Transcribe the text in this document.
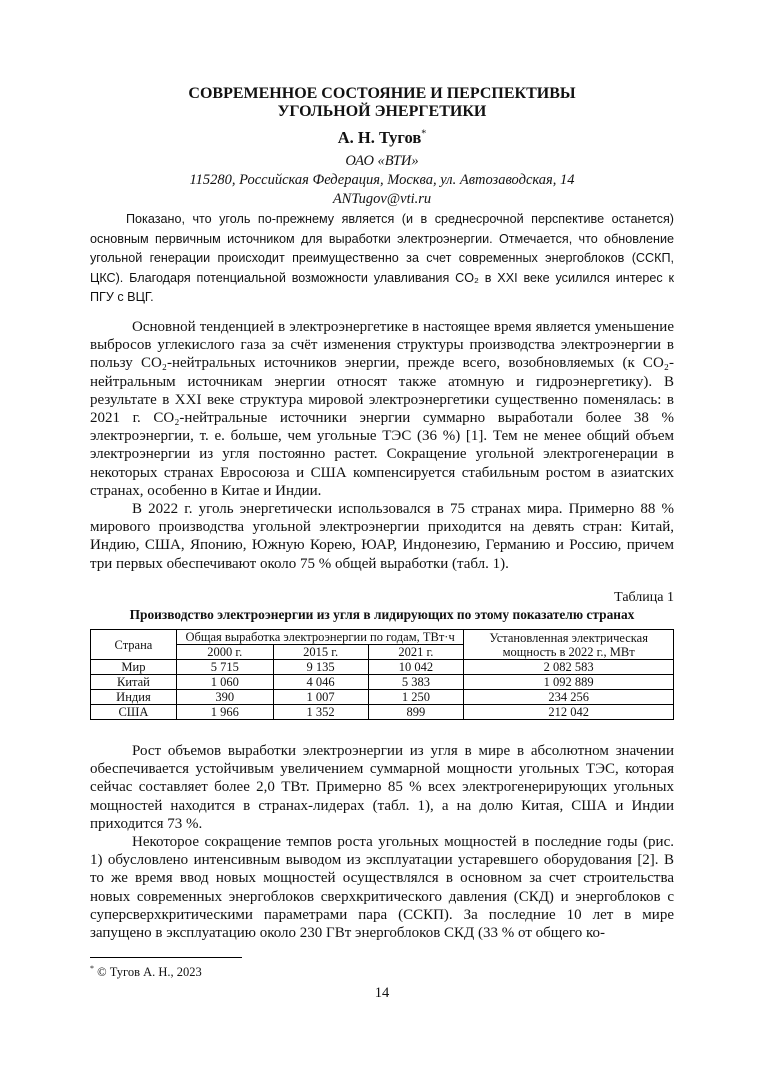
СОВРЕМЕННОЕ СОСТОЯНИЕ И ПЕРСПЕКТИВЫ
УГОЛЬНОЙ ЭНЕРГЕТИКИ
А. Н. Тугов*
ОАО «ВТИ»
115280, Российская Федерация, Москва, ул. Автозаводская, 14
ANTugov@vti.ru
Показано, что уголь по-прежнему является (и в среднесрочной перспективе останется) основным первичным источником для выработки электроэнергии. Отмечается, что обновление угольной генерации происходит преимущественно за счет современных энергоблоков (ССКП, ЦКС). Благодаря потенциальной возможности улавливания CO₂ в XXI веке усилился интерес к ПГУ с ВЦГ.

Основной тенденцией в электроэнергетике в настоящее время является уменьшение выбросов углекислого газа за счёт изменения структуры производства электроэнергии в пользу CO₂-нейтральных источников энергии, прежде всего, возобновляемых (к CO₂-нейтральным источникам энергии относят также атомную и гидроэнергетику). В результате в XXI веке структура мировой электроэнергетики существенно поменялась: в 2021 г. CO₂-нейтральные источники энергии суммарно выработали более 38 % электроэнергии, т. е. больше, чем угольные ТЭС (36 %) [1]. Тем не менее общий объем электроэнергии из угля постоянно растет. Сокращение угольной электрогенерации в некоторых странах Евросоюза и США компенсируется стабильным ростом в азиатских странах, особенно в Китае и Индии.

В 2022 г. уголь энергетически использовался в 75 странах мира. Примерно 88 % мирового производства угольной электроэнергии приходится на девять стран: Китай, Индию, США, Японию, Южную Корею, ЮАР, Индонезию, Германию и Россию, причем три первых обеспечивают около 75 % общей выработки (табл. 1).

Таблица 1
Производство электроэнергии из угля в лидирующих по этому показателю странах
Страна	Общая выработка электроэнергии по годам, ТВт·ч			Установленная электрическая мощность в 2022 г., МВт
	2000 г.	2015 г.	2021 г.	
Мир	5 715	9 135	10 042	2 082 583
Китай	1 060	4 046	5 383	1 092 889
Индия	390	1 007	1 250	234 256
США	1 966	1 352	899	212 042

Рост объемов выработки электроэнергии из угля в мире в абсолютном значении обеспечивается устойчивым увеличением суммарной мощности угольных ТЭС, которая сейчас составляет более 2,0 ТВт. Примерно 85 % всех электрогенерирующих угольных мощностей находится в странах-лидерах (табл. 1), а на долю Китая, США и Индии приходится 73 %.

Некоторое сокращение темпов роста угольных мощностей в последние годы (рис. 1) обусловлено интенсивным выводом из эксплуатации устаревшего оборудования [2]. В то же время ввод новых мощностей осуществлялся в основном за счет строительства новых современных энергоблоков сверхкритического давления (СКД) и энергоблоков с суперсверхкритическими параметрами пара (ССКП). За последние 10 лет в мире запущено в эксплуатацию около 230 ГВт энергоблоков СКД (33 % от общего ко-

* © Тугов А. Н., 2023
14
